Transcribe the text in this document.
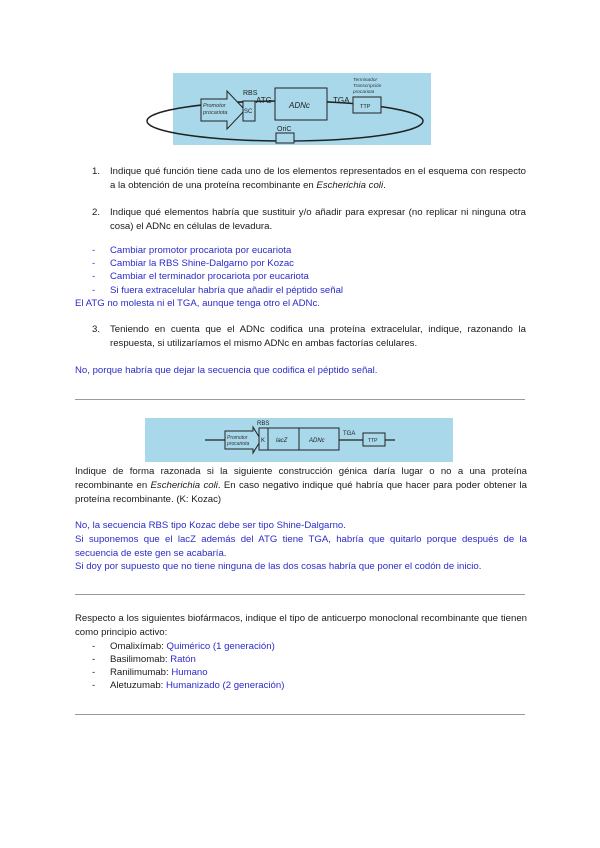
Promotor
procariota
RBS
SC
ATG
ADNc
TGA
Terminador
Transcripción
procariota
TTP
OriC
1. Indique qué función tiene cada uno de los elementos representados en el esquema con respecto a la obtención de una proteína recombinante en Escherichia coli.

2. Indique qué elementos habría que sustituir y/o añadir para expresar (no replicar ni ninguna otra cosa) el ADNc en células de levadura.

- Cambiar promotor procariota por eucariota
- Cambiar la RBS Shine-Dalgarno por Kozac
- Cambiar el terminador procariota por eucariota
- Si fuera extracelular habría que añadir el péptido señal
El ATG no molesta ni el TGA, aunque tenga otro el ADNc.
3. Teniendo en cuenta que el ADNc codifica una proteína extracelular, indique, razonando la respuesta, si utilizaríamos el mismo ADNc en ambas factorías celulares.

No, porque habría que dejar la secuencia que codifica el péptido señal.
Promotor
procariota
RBS
K lacZ	ADNc
TGA
TTP

Indique de forma razonada si la siguiente construcción génica daría lugar o no a una proteína recombinante en Escherichia coli. En caso negativo indique qué habría que hacer para poder obtener la proteína recombinante. (K: Kozac)

No, la secuencia RBS tipo Kozac debe ser tipo Shine-Dalgarno.

Si suponemos que el lacZ además del ATG tiene TGA, habría que quitarlo porque después de la secuencia de este gen se acabaría.

Si doy por supuesto que no tiene ninguna de las dos cosas habría que poner el codón de inicio.

Respecto a los siguientes biofármacos, indique el tipo de anticuerpo monoclonal recombinante que tienen como principio activo:

- Omalixímab: Quimérico (1 generación)
- Basilimomab: Ratón
- Ranilimumab: Humano
- Aletuzumab: Humanizado (2 generación)
